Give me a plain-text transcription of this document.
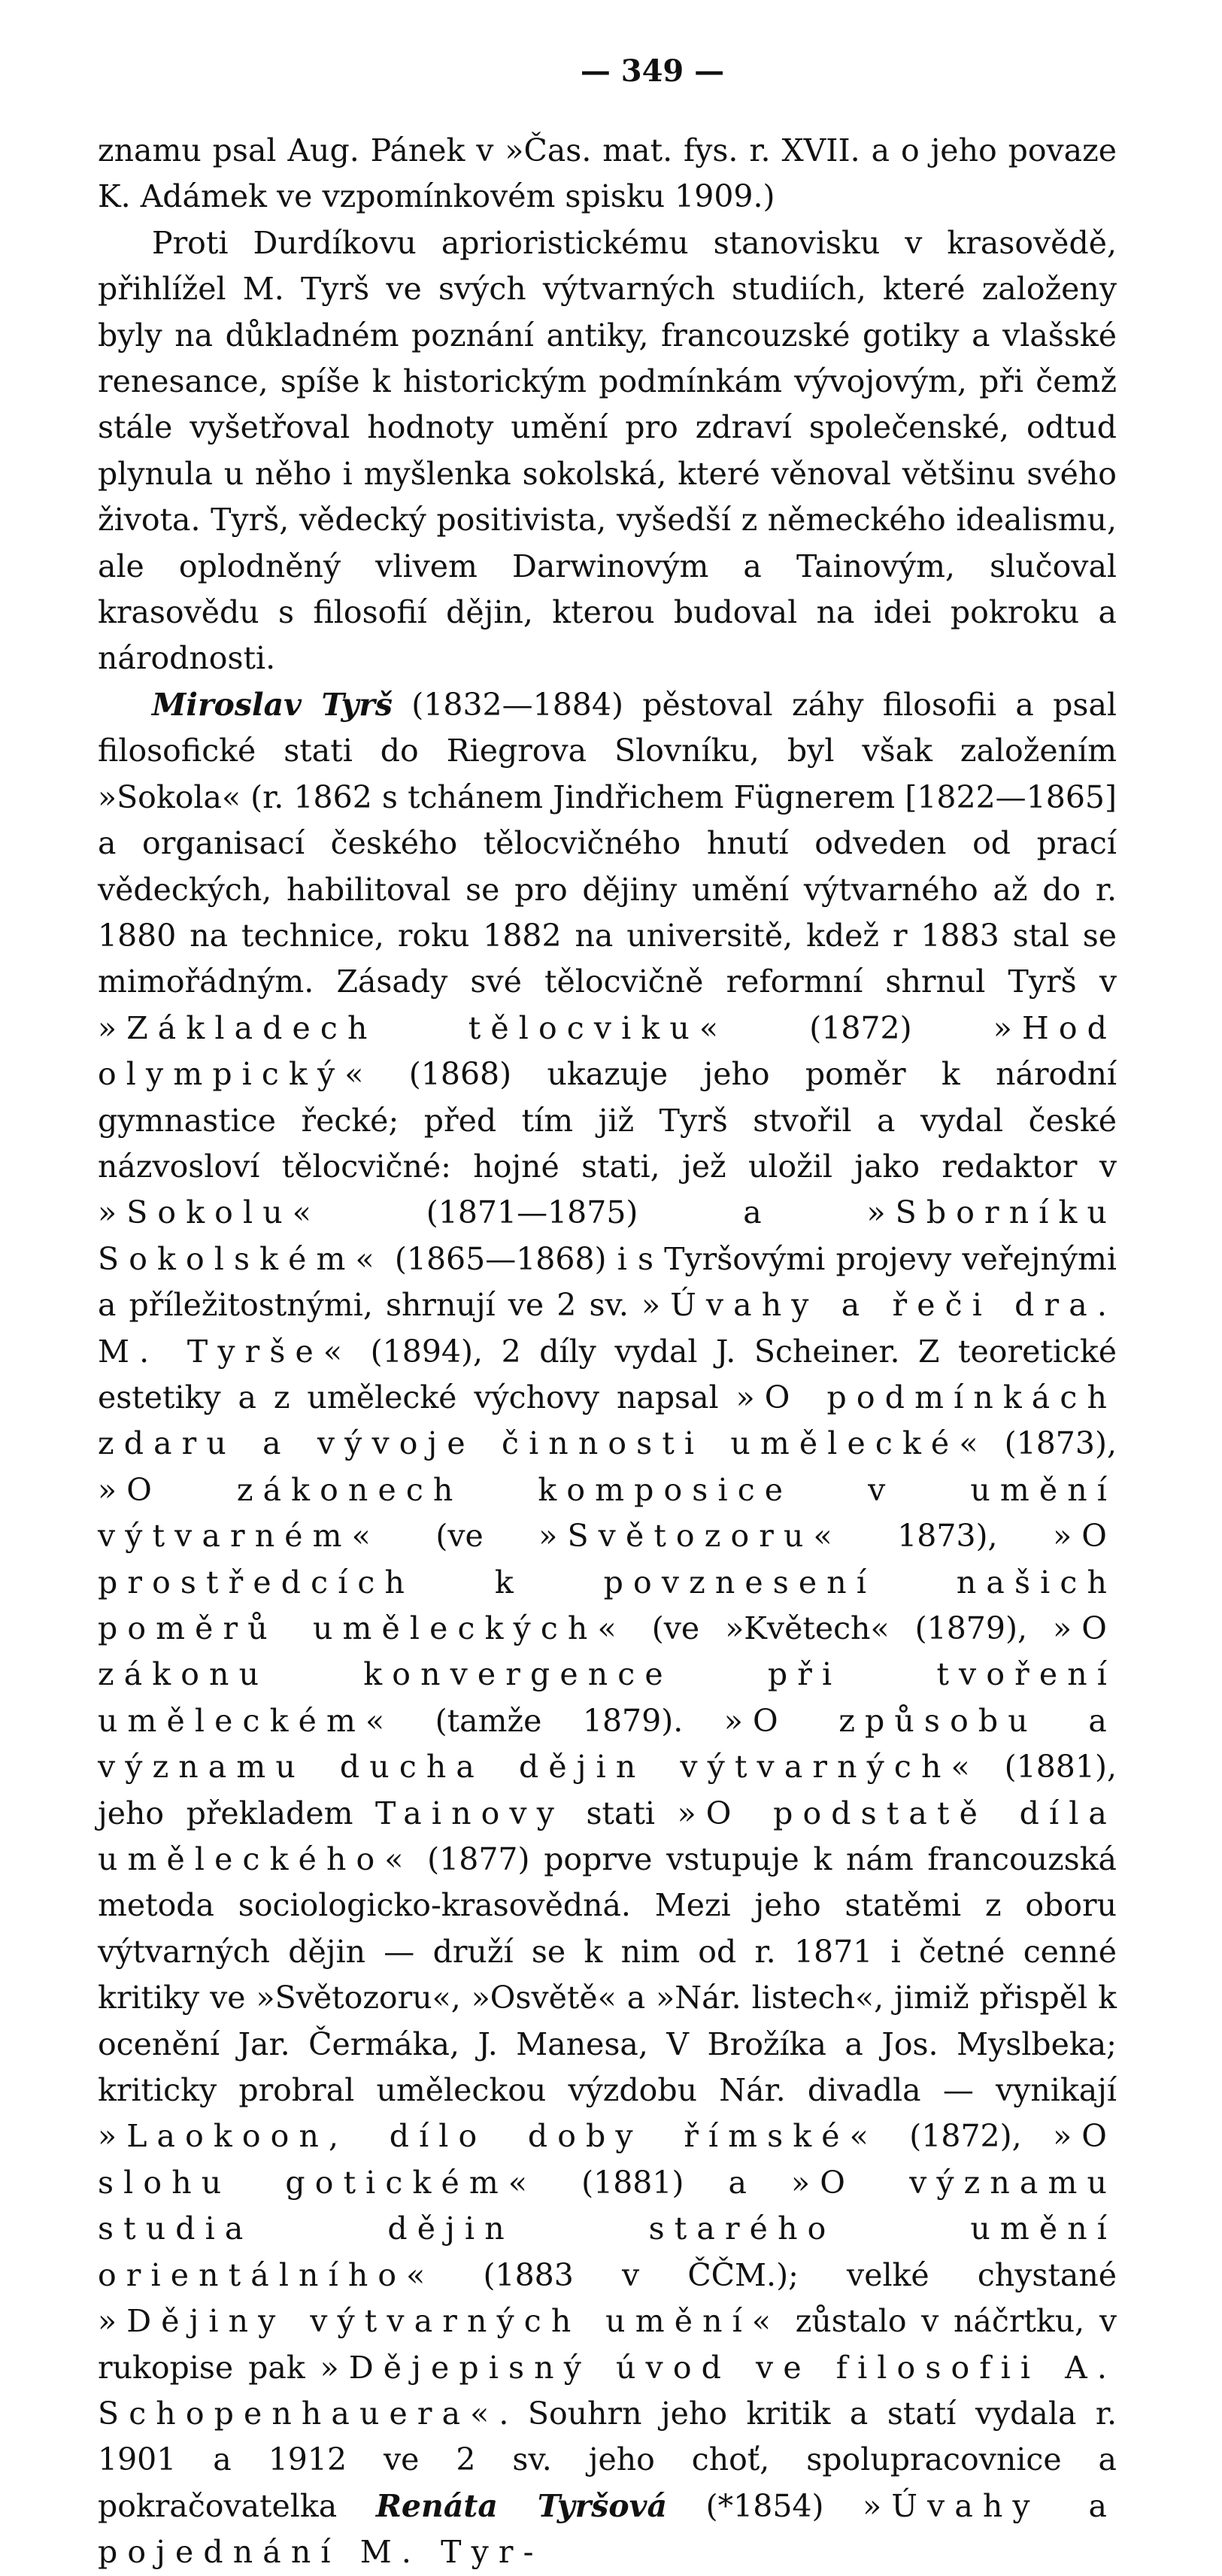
— 349 —

znamu psal Aug. Pánek v »Čas. mat. fys. r. XVII. a o jeho povaze K. Adámek ve vzpomínkovém spisku 1909.)

Proti Durdíkovu aprioristickému stanovisku v krasovědě, přihlížel M. Tyrš ve svých výtvarných studiích, které založeny byly na důkladném poznání antiky, francouzské gotiky a vlašské renesance, spíše k historickým podmínkám vývojovým, při čemž stále vyšetřoval hodnoty umění pro zdraví společenské, odtud plynula u něho i myšlenka sokolská, které věnoval většinu svého života. Tyrš, vědecký positivista, vyšedší z německého idealismu, ale oplodněný vlivem Darwinovým a Tainovým, slučoval krasovědu s filosofií dějin, kterou budoval na idei pokroku a národnosti.

Miroslav Tyrš (1832—1884) pěstoval záhy filosofii a psal filosofické stati do Riegrova Slovníku, byl však založením »Sokola« (r. 1862 s tchánem Jindřichem Fügnerem [1822—1865] a organisací českého tělocvičného hnutí odveden od prací vědeckých, habilitoval se pro dějiny umění výtvarného až do r. 1880 na technice, roku 1882 na universitě, kdež r 1883 stal se mimořádným. Zásady své tělocvičně reformní shrnul Tyrš v »Základech tělocviku« (1872) »Hod olympický« (1868) ukazuje jeho poměr k národní gymnastice řecké; před tím již Tyrš stvořil a vydal české názvosloví tělocvičné: hojné stati, jež uložil jako redaktor v »Sokolu« (1871—1875) a »Sborníku Sokolském« (1865—1868) i s Tyršovými projevy veřejnými a příležitostnými, shrnují ve 2 sv. »Úvahy a řeči dra. M. Tyrše« (1894), 2 díly vydal J. Scheiner. Z teoretické estetiky a z umělecké výchovy napsal »O podmínkách zdaru a vývoje činnosti umělecké« (1873), »O zákonech komposice v umění výtvarném« (ve »Světozoru« 1873), »O prostředcích k povznesení našich poměrů uměleckých« (ve »Květech« (1879), »O zákonu konvergence při tvoření uměleckém« (tamže 1879). »O způsobu a významu ducha dějin výtvarných« (1881), jeho překladem Tainovy stati »O podstatě díla uměleckého« (1877) poprve vstupuje k nám francouzská metoda sociologicko-krasovědná. Mezi jeho statěmi z oboru výtvarných dějin — druží se k nim od r. 1871 i četné cenné kritiky ve »Světozoru«, »Osvětě« a »Nár. listech«, jimiž přispěl k ocenění Jar. Čermáka, J. Manesa, V Brožíka a Jos. Myslbeka; kriticky probral uměleckou výzdobu Nár. divadla — vynikají »Laokoon, dílo doby římské« (1872), »O slohu gotickém« (1881) a »O významu studia dějin starého umění orientálního« (1883 v ČČM.); velké chystané »Dějiny výtvarných umění« zůstalo v náčrtku, v rukopise pak »Dějepisný úvod ve filosofii A. Schopenhauera«. Souhrn jeho kritik a statí vydala r. 1901 a 1912 ve 2 sv. jeho choť, spolupracovnice a pokračovatelka Renáta Tyršová (*1854) »Úvahy a pojednání M. Tyr-
